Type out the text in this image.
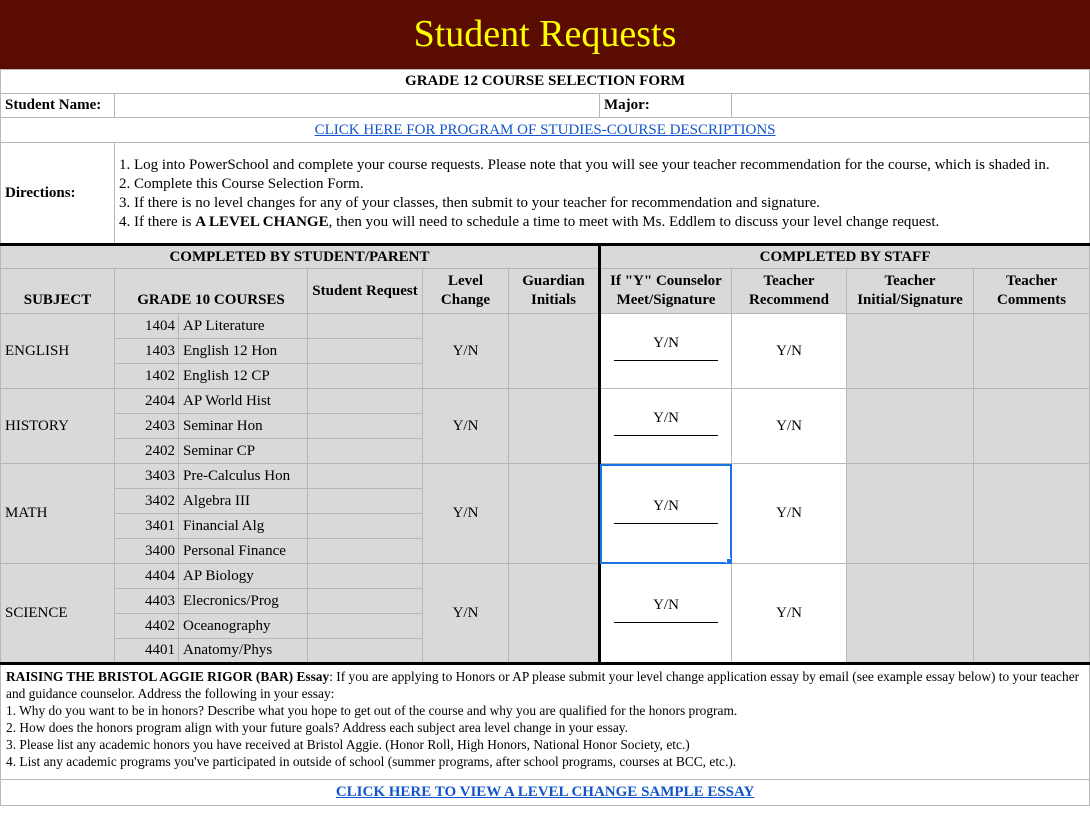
Student Requests
GRADE 12 COURSE SELECTION FORM									
Student Name:						Major:			
CLICK HERE FOR PROGRAM OF STUDIES-COURSE DESCRIPTIONS									
Directions:	1. Log into PowerSchool and complete your course requests. Please note that you will see your teacher recommendation for the course, which is shaded in.
2. Complete this Course Selection Form.
3. If there is no level changes for any of your classes, then submit to your teacher for recommendation and signature.
4. If there is A LEVEL CHANGE, then you will need to schedule a time to meet with Ms. Eddlem to discuss your level change request.								

COMPLETED BY STUDENT/PARENT						COMPLETED BY STAFF			
SUBJECT	GRADE 10 COURSES		Student Request	Level Change	Guardian Initials	If "Y" Counselor Meet/Signature	Teacher Recommend	Teacher Initial/Signature	Teacher Comments
ENGLISH	1404	AP Literature		Y/N		Y/N	Y/N		
	1403	English 12 Hon							
	1402	English 12 CP							
HISTORY	2404	AP World Hist		Y/N		Y/N	Y/N		
	2403	Seminar Hon							
	2402	Seminar CP							
MATH	3403	Pre-Calculus Hon		Y/N		Y/N	Y/N		
	3402	Algebra III							
	3401	Financial Alg							
	3400	Personal Finance							
SCIENCE	4404	AP Biology		Y/N		Y/N	Y/N		
	4403	Elecronics/Prog							
	4402	Oceanography							
	4401	Anatomy/Phys							

RAISING THE BRISTOL AGGIE RIGOR (BAR) Essay: If you are applying to Honors or AP please submit your level change application essay by email (see example essay below) to your teacher and guidance counselor. Address the following in your essay:
1. Why do you want to be in honors? Describe what you hope to get out of the course and why you are qualified for the honors program.
2. How does the honors program align with your future goals? Address each subject area level change in your essay.
3. Please list any academic honors you have received at Bristol Aggie. (Honor Roll, High Honors, National Honor Society, etc.)
4. List any academic programs you've participated in outside of school (summer programs, after school programs, courses at BCC, etc.).									

CLICK HERE TO VIEW A LEVEL CHANGE SAMPLE ESSAY									
